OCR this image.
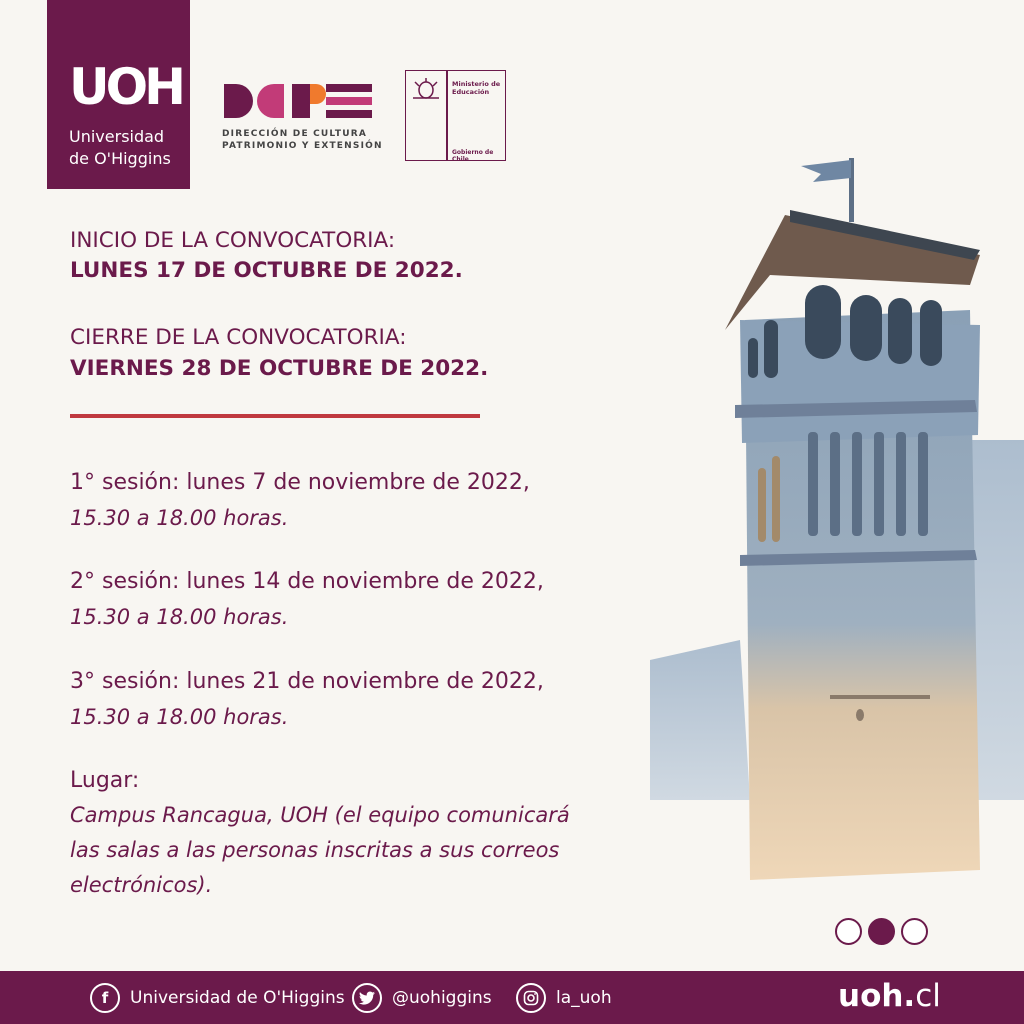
UOH
Universidad
de O'Higgins
DIRECCIÓN DE CULTURA
PATRIMONIO Y EXTENSIÓN
Ministerio de
Educación
Gobierno de Chile
INICIO DE LA CONVOCATORIA:
LUNES 17 DE OCTUBRE DE 2022.
CIERRE DE LA CONVOCATORIA:
VIERNES 28 DE OCTUBRE DE 2022.
1° sesión: lunes 7 de noviembre de 2022,
15.30 a 18.00 horas.
2° sesión: lunes 14 de noviembre de 2022,
15.30 a 18.00 horas.
3° sesión: lunes 21 de noviembre de 2022,
15.30 a 18.00 horas.
Lugar:
Campus Rancagua, UOH (el equipo comunicará
las salas a las personas inscritas a sus correos
electrónicos).
f	Universidad de O'Higgins	@uohiggins	la_uoh	uoh.cl
